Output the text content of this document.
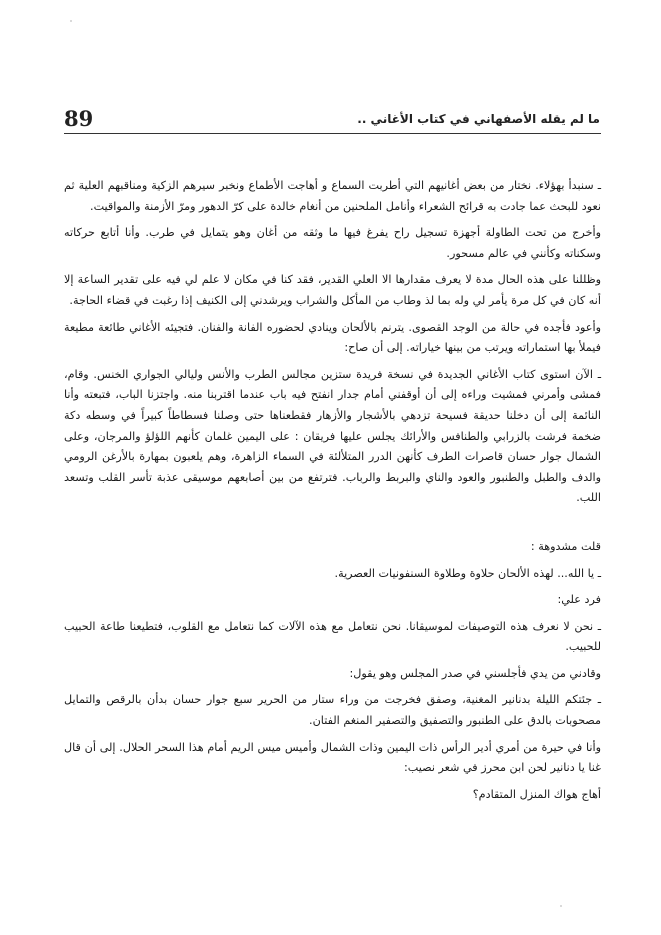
89	ما لم يقله الأصفهاني في كتاب الأغاني ..

ـ سنبدأ بهؤلاء. نختار من بعض أغانيهم التي أطربت السماع و أهاجت الأطماع ونخبر سيرهم الزكية ومناقبهم العلية ثم نعود للبحث عما جادت به قرائح الشعراء وأنامل الملحنين من أنغام خالدة على كرّ الدهور ومرّ الأزمنة والمواقيت.

وأخرج من تحت الطاولة أجهزة تسجيل راح يفرغ فيها ما وثقه من أغان وهو يتمايل في طرب. وأنا أتابع حركاته وسكناته وكأنني في عالم مسحور.

وظللنا على هذه الحال مدة لا يعرف مقدارها الا العلي القدير، فقد كنا في مكان لا علم لي فيه على تقدير الساعة إلا أنه كان في كل مرة يأمر لي وله بما لذ وطاب من المأكل والشراب ويرشدني إلى الكنيف إذا رغبت في قضاء الحاجة.

وأعود فأجده في حالة من الوجد القصوى. يترنم بالألحان وينادي لحضوره الفانة والفنان. فتجيئه الأغاني طائعة مطيعة فيملأ بها استماراته ويرتب من بينها خياراته. إلى أن صاح:

ـ الآن استوى كتاب الأغاني الجديدة في نسخة فريدة ستزين مجالس الطرب والأنس وليالي الجواري الخنس. وقام، فمشى وأمرني فمشيت وراءه إلى أن أوقفني أمام جدار انفتح فيه باب عندما اقتربنا منه. واجتزنا الباب، فتبعته وأنا النائمة إلى أن دخلنا حديقة فسيحة تزدهي بالأشجار والأزهار فقطعناها حتى وصلنا فسطاطاً كبيراً في وسطه دكة ضخمة فرشت بالزرابي والطنافس والأرائك يجلس عليها فريقان : على اليمين غلمان كأنهم اللؤلؤ والمرجان، وعلى الشمال جوار حسان قاصرات الطرف كأنهن الدرر المتلألئة في السماء الزاهرة، وهم يلعبون بمهارة بالأرغن الرومي والدف والطبل والطنبور والعود والناي والبربط والرباب. فترتفع من بين أصابعهم موسيقى عذبة تأسر القلب وتسعد اللب.

قلت مشدوهة :

ـ يا الله... لهذه الألحان حلاوة وطلاوة السنفونيات العصرية.

فرد علي:

ـ نحن لا نعرف هذه التوصيفات لموسيقانا. نحن نتعامل مع هذه الآلات كما نتعامل مع القلوب، فتطيعنا طاعة الحبيب للحبيب.

وقادني من يدي فأجلسني في صدر المجلس وهو يقول:

ـ جئتكم الليلة بدنانير المغنية، وصفق فخرجت من وراء ستار من الحرير سبع جوار حسان بدأن بالرقص والتمايل مصحوبات بالدق على الطنبور والتصفيق والتصفير المنغم الفتان.

وأنا في حيرة من أمري أدير الرأس ذات اليمين وذات الشمال وأميس ميس الريم أمام هذا السحر الحلال. إلى أن قال غنا يا دنانير لحن ابن محرز في شعر نصيب:

أهاج هواك المنزل المتقادم؟
